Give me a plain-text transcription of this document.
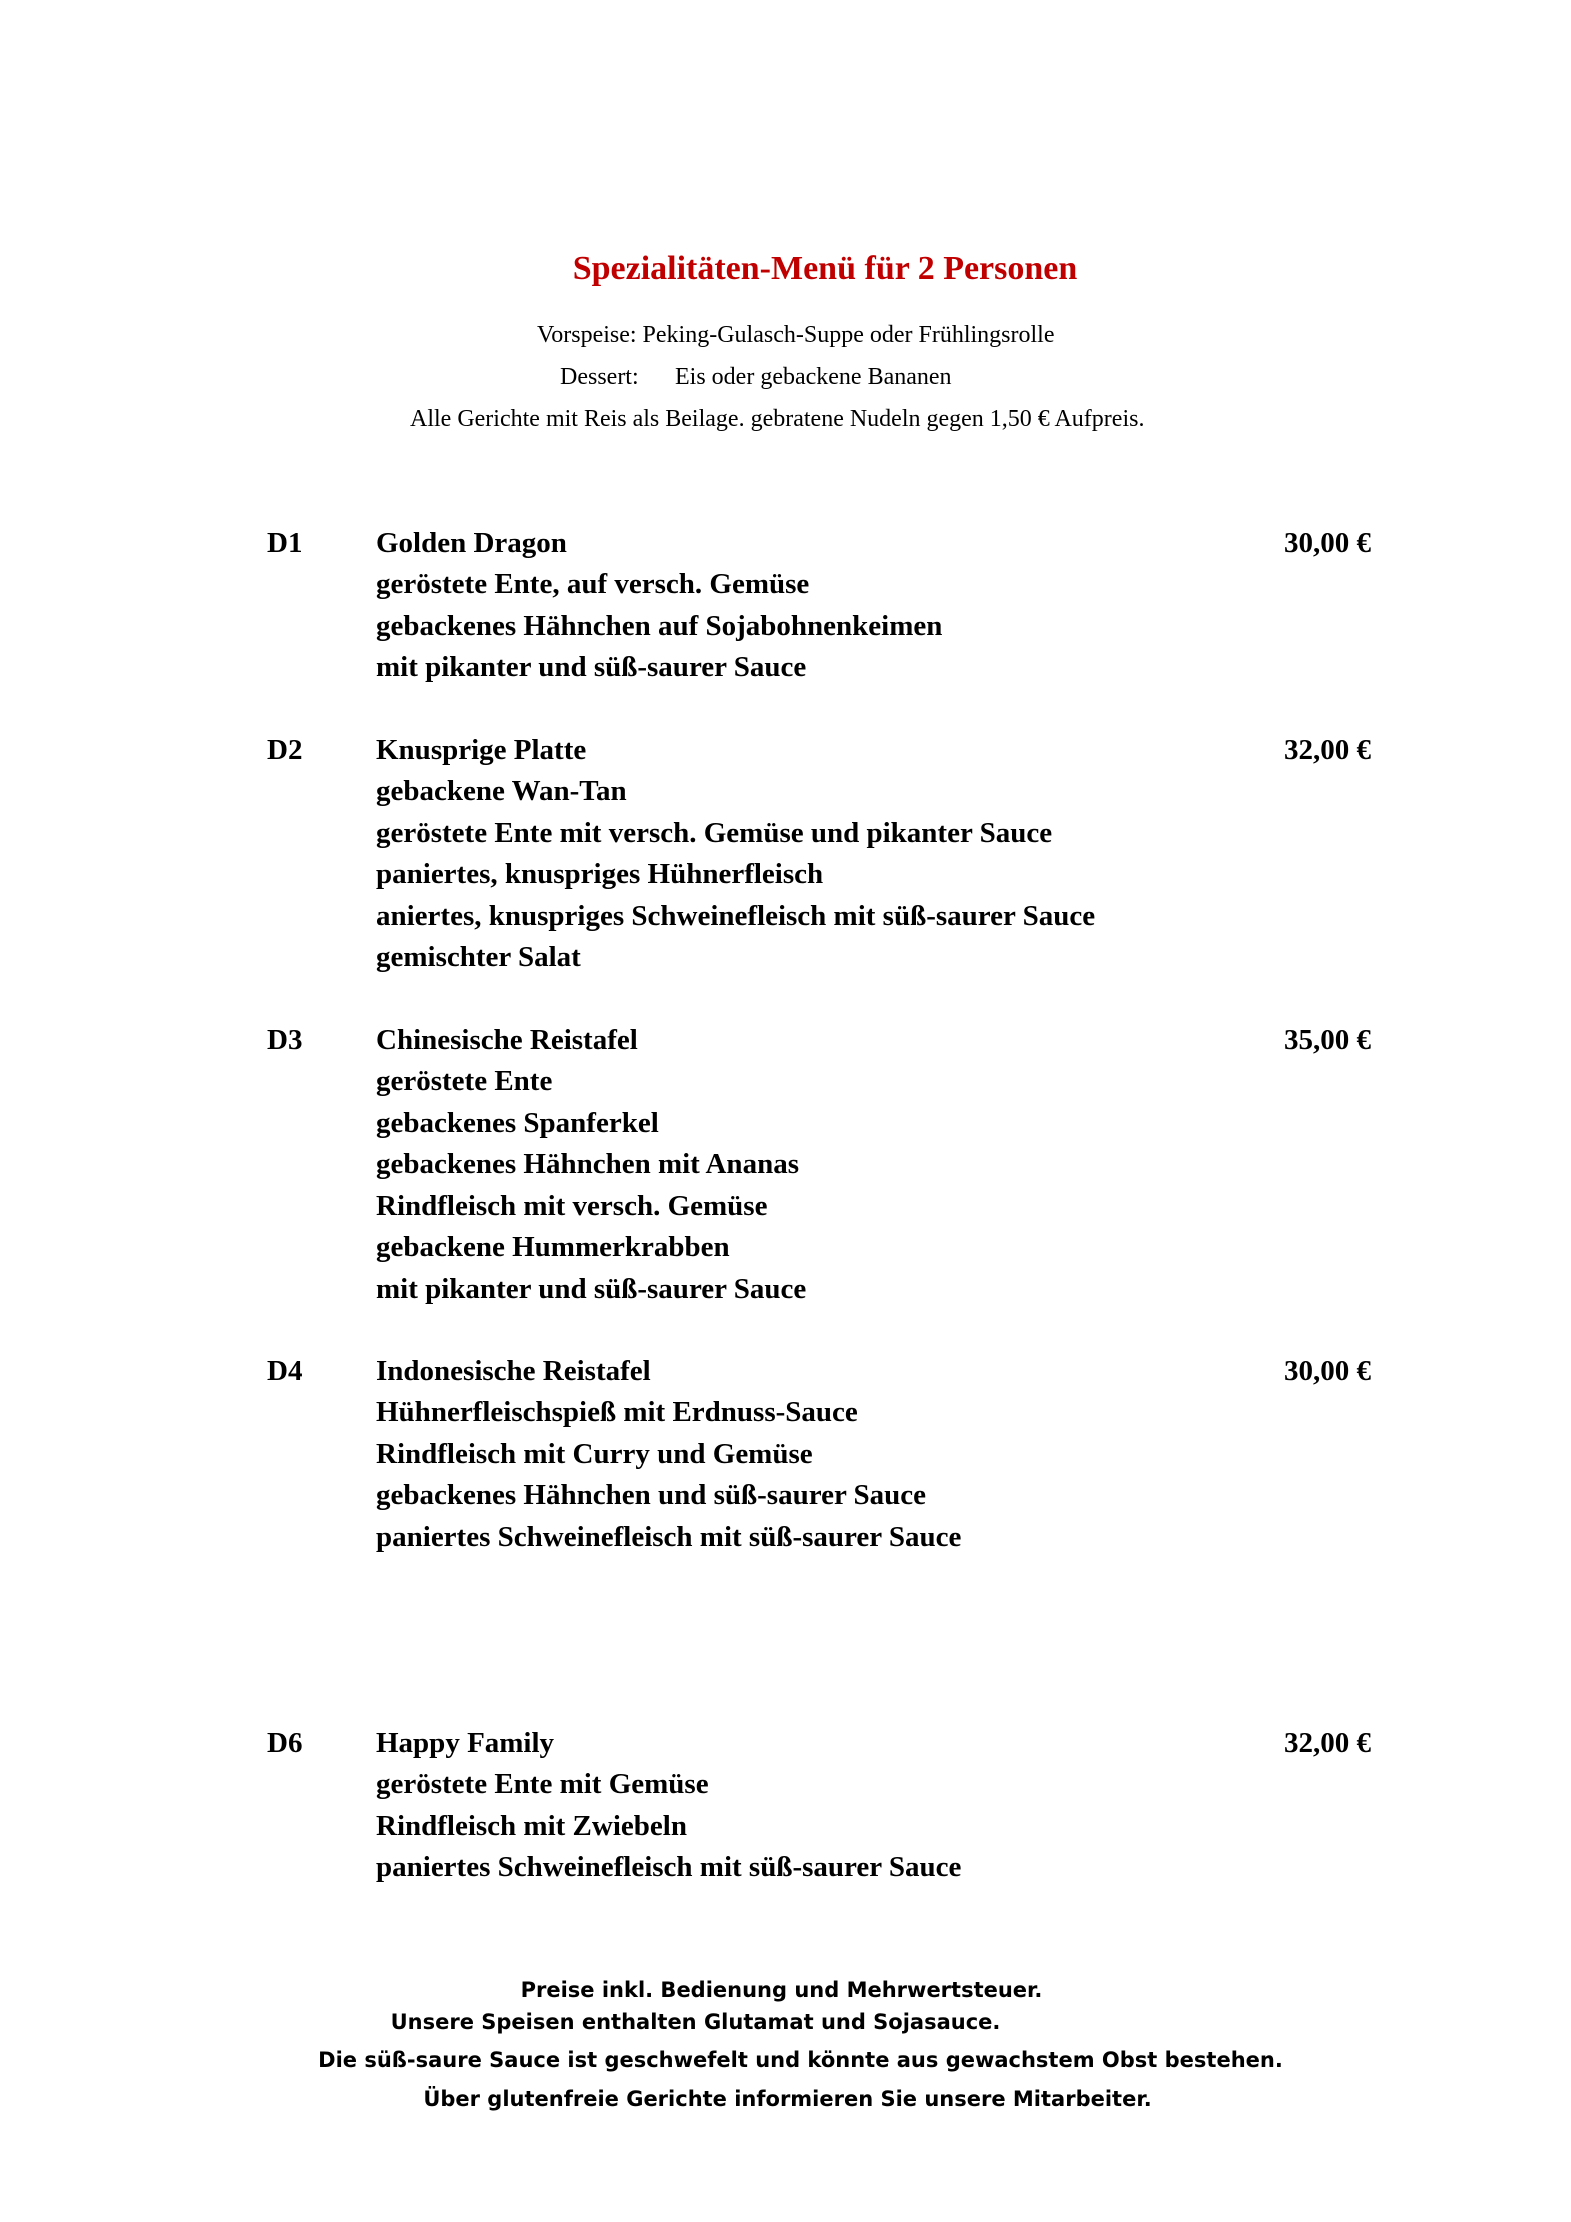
Spezialitäten-Menü für 2 Personen
Vorspeise: Peking-Gulasch-Suppe oder Frühlingsrolle
Dessert: Eis oder gebackene Bananen
Alle Gerichte mit Reis als Beilage. gebratene Nudeln gegen 1,50 € Aufpreis.
D1	Golden Dragon	30,00 €
geröstete Ente, auf versch. Gemüse
gebackenes Hähnchen auf Sojabohnenkeimen
mit pikanter und süß-saurer Sauce
D2	Knusprige Platte	32,00 €
gebackene Wan-Tan
geröstete Ente mit versch. Gemüse und pikanter Sauce
paniertes, knuspriges Hühnerfleisch
aniertes, knuspriges Schweinefleisch mit süß-saurer Sauce
gemischter Salat
D3	Chinesische Reistafel	35,00 €
geröstete Ente
gebackenes Spanferkel
gebackenes Hähnchen mit Ananas
Rindfleisch mit versch. Gemüse
gebackene Hummerkrabben
mit pikanter und süß-saurer Sauce
D4	Indonesische Reistafel	30,00 €
Hühnerfleischspieß mit Erdnuss-Sauce
Rindfleisch mit Curry und Gemüse
gebackenes Hähnchen und süß-saurer Sauce
paniertes Schweinefleisch mit süß-saurer Sauce
D6	Happy Family	32,00 €
geröstete Ente mit Gemüse
Rindfleisch mit Zwiebeln
paniertes Schweinefleisch mit süß-saurer Sauce
Preise inkl. Bedienung und Mehrwertsteuer.
Unsere Speisen enthalten Glutamat und Sojasauce.
Die süß-saure Sauce ist geschwefelt und könnte aus gewachstem Obst bestehen.
Über glutenfreie Gerichte informieren Sie unsere Mitarbeiter.
